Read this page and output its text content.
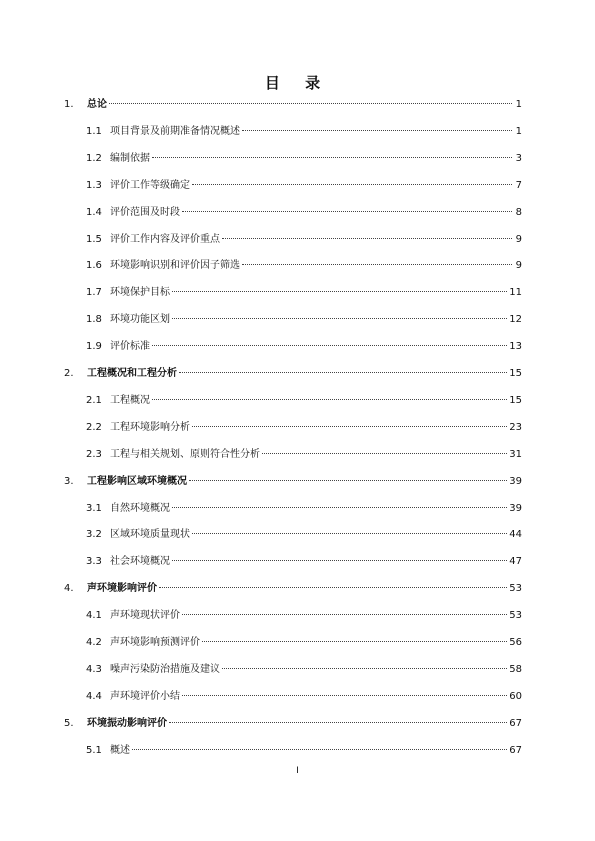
目 录
1.	总论	1
1.1 项目背景及前期准备情况概述	1
1.2 编制依据	3
1.3 评价工作等级确定	7
1.4 评价范围及时段	8
1.5 评价工作内容及评价重点	9
1.6 环境影响识别和评价因子筛选	9
1.7 环境保护目标	11
1.8 环境功能区划	12
1.9 评价标准	13
2.	工程概况和工程分析	15
2.1 工程概况	15
2.2 工程环境影响分析	23
2.3 工程与相关规划、原则符合性分析	31
3.	工程影响区域环境概况	39
3.1 自然环境概况	39
3.2 区域环境质量现状	44
3.3 社会环境概况	47
4.	声环境影响评价	53
4.1 声环境现状评价	53
4.2 声环境影响预测评价	56
4.3 噪声污染防治措施及建议	58
4.4 声环境评价小结	60
5.	环境振动影响评价	67
5.1 概述	67
I
